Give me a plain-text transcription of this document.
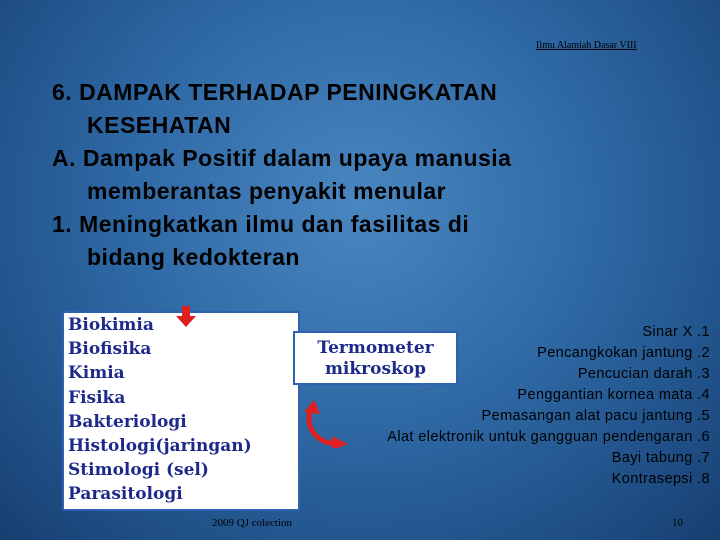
Ilmu Alamiah Dasar VIII
6. DAMPAK TERHADAP PENINGKATAN
KESEHATAN
A. Dampak Positif dalam upaya manusia
memberantas penyakit menular
1. Meningkatkan ilmu dan fasilitas di
bidang kedokteran
Biokimia
Biofisika
Kimia
Fisika
Bakteriologi
Histologi(jaringan)
Stimologi (sel)
Parasitologi
Termometer
mikroskop
Sinar X .1
Pencangkokan jantung .2
Pencucian darah .3
Penggantian kornea mata .4
Pemasangan alat pacu jantung .5
Alat elektronik untuk gangguan pendengaran .6
Bayi tabung .7
Kontrasepsi .8
2009 QJ colection	10
